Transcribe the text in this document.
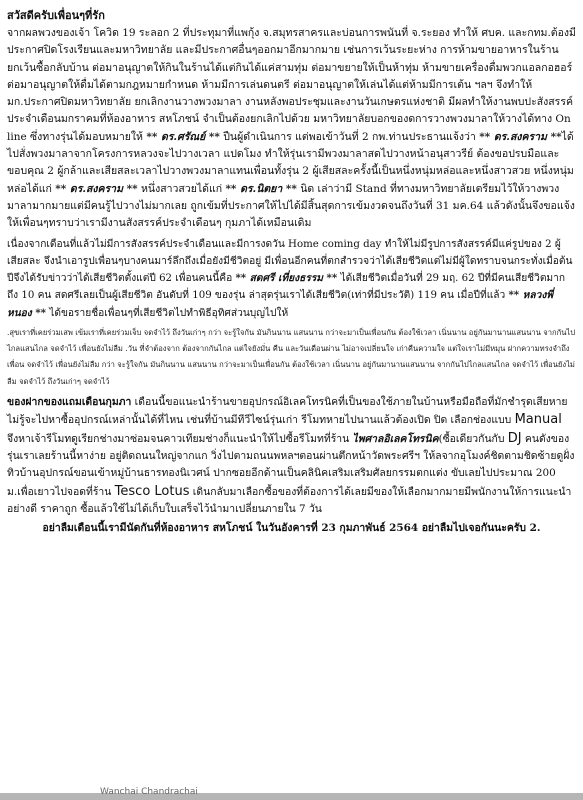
สวัสดีครับเพื่อนๆที่รัก

จากผลพวงของเจ้า โควิด 19 ระลอก 2 ที่ประทุมาที่แพกุ้ง จ.สมุทรสาครและบ่อนการพนันที่ จ.ระยอง ทำให้ ศบค. และกทม.ต้องมีประกาศปิดโรงเรียนและมหาวิทยาลัย และมีประกาศอื่นๆออกมาอีกมากมาย เช่นการเว้นระยะห่าง การห้ามขายอาหารในร้านยกเว้นซื้อกลับบ้าน ต่อมาอนุญาตให้กินในร้านได้แต่กินได้แค่สามทุ่ม ต่อมาขยายให้เป็นห้าทุ่ม ห้ามขายเครื่องดื่มพวกแอลกอฮอร์ ต่อมาอนุญาตให้ดื่มได้ตามกฎหมายกำหนด ห้ามมีการเล่นดนตรี ต่อมาอนุญาตให้เล่นได้แต่ห้ามมีการเต้น ฯลฯ จึงทำให้ มก.ประกาศปิดมหาวิทยาลัย ยกเลิกงานวางพวงมาลา งานหลังพอประชุมและงานวันเกษตรแห่งชาติ มีผลทำให้งานพบปะสังสรรค์ประจำเดือนมกราคมที่ห้องอาหาร สหโภชน์ จำเป็นต้องยกเลิกไปด้วย มหาวิทยาลัยบอกของดการวางพวงมาลาให้วางได้ทาง On line ซึ่งทางรุ่นได้มอบหมายให้ ** ดร.ศรัณย์ ** ปืนผู้ดำเนินการ แต่พอเข้าวันที่ 2 กพ.ท่านประธานแจ้งว่า ** ดร.สงคราม **ได้ไปสั่งพวงมาลาจากโครงการหลวงจะไปวางเวลา แปดโมง ทำให้รุ่นเรามีพวงมาลาสดไปวางหน้าอนุสาวรีย์ ต้องขอปรบมือและขอบคุณ 2 ผู้กล้าและเสียสละเวลาไปวางพวงมาลาแทนเพื่อนทั้งรุ่น 2 ผู้เสียสละครั้งนี้เป็นหนึ่งหนุ่มหล่อและหนึ่งสาวสวย หนึ่งหนุ่มหล่อได้แก่ ** ดร.สงคราม ** หนึ่งสาวสวยได้แก่ ** ดร.นิตยา ** นิด เล่าว่ามี Stand ที่ทางมหาวิทยาลัยเตรียมไว้ให้วางพวงมาลามากมายแต่มีคนรู้ไปวางไม่มากเลย ถูกเข้มที่ประกาศให้ไปได้มีสิ้นสุดการเข้มงวดจนถึงวันที่ 31 มค.64 แล้วดังนั้นจึงขอแจ้งให้เพื่อนๆทราบว่าเรามีงานสังสรรค์ประจำเดือนๆ กุมภาได้เหมือนเดิม

เนื่องจากเดือนที่แล้วไม่มีการสังสรรค์ประจำเดือนและมีการงดวัน Home coming day ทำให้ไม่มีรูปการสังสรรค์มีแค่รูปของ 2 ผู้เสียสละ จึงนำเอารูปเพื่อนๆบางคนมาร์ลึกถึงเมื่อยังมีชีวิตอยู่ มีเพื่อนอีกคนที่ตกสำรวจว่าได้เสียชีวิตแต่ไม่มีผู้ใดทราบจนกระทั่งเมื่อต้นปีจึงได้รับข่าวว่าได้เสียชีวิตตั้งแต่ปี 62 เพื่อนคนนี้คือ ** สดศรี เที่ยงธรรม ** ได้เสียชีวิตเมื่อวันที่ 29 มฤ. 62 ปีที่มีคนเสียชีวิตมากถึง 10 คน สดศรีเลยเป็นผู้เสียชีวิต อันดับที่ 109 ของรุ่น ล่าสุดรุ่นเราได้เสียชีวิต(เท่าที่มีประวัติ) 119 คน เมื่อปีที่แล้ว ** หลวงพี่หนอง ** ได้ขอรายชื่อเพื่อนๆที่เสียชีวิตไปทำพิธีอุทิศส่วนบุญไปให้

.สุขเราที่เคยร่วมเสพ เข้มเราที่เคยร่วมเจ็บ จดจำไว้ ถึงวันเก่าๆ กว่า จะรู้ใจกัน มันกินนาน แสนนาน กว่าจะมาเป็นเพื่อนกัน ต้องใช้เวลา เนิ่นนาน อยู่กันมานานแสนนาน จากกันไปไกลแสนไกล จดจำไว้ เพื่อนยังไม่ลืม .วัน ที่จำต้องจาก ต้องจากกันไกล แต่ใจยังมั่น คืน และวันเดือนผ่าน ไม่อาจเปลี่ยนใจ เก่าคืนความใจ แต่ใจเราไม่มีหมุน ฝากความทรงจำถึงเพื่อน จดจำไว้ เพื่อนยังไม่ลืม กว่า จะรู้ใจกัน มันกินนาน แสนนาน กว่าจะมาเป็นเพื่อนกัน ต้องใช้เวลา เนิ่นนาน อยู่กันมานานแสนนาน จากกันไปไกลแสนไกล จดจำไว้ เพื่อนยังไม่ลืม จดจำไว้ ถึงวันเก่าๆ จดจำไว้

ของฝากของแถมเดือนกุมภา เดือนนี้ขอแนะนำร้านขายอุปกรณ์อิเลคโทรนิคที่เป็นของใช้ภายในบ้านหรือมือถือที่มักชำรุดเสียหายไม่รู้จะไปหาซื้ออุปกรณ์เหล่านั้นได้ที่ไหน เช่นที่บ้านมีทีวีไซน์รุ่นเก่า รีโมทหายไปนานแล้วต้องเปิด ปิด เลือกช่องแบบ Manual จึงหาเจ้ารีโมทดูเรียกช่างมาซ่อมจนคาวเทียมช่างก็แนะนำให้ไปซื้อรีโมทที่ร้าน ไพศาลอิเลคโทรนิค(ซื้อเดียวกันกับ DJ คนดังของรุ่นเราเลยร้านนี้หาง่าย อยู่ติดถนนใหญ่จากแก วิ่งไปตามถนนพหลฯตอนผ่านตึกหน้าวัดพระศรีฯ ให้ลจากอุโมงค์ชิดตามชิดซ้ายดูฝั่งทิวบ้านอุปกรณ์ขอนเข้าหมู่บ้านธารทองนิเวศน์ ปากซอยอีกด้านเป็นคลินิคเสริมเสริมศัลยกรรมตกแต่ง ขับเลยไปประมาณ 200 ม.เพื่อเยาวไปจอดที่ร้าน Tesco Lotus เดินกลับมาเลือกซื้อของที่ต้องการได้เลยมีของให้เลือกมากมายมีพนักงานให้การแนะนำอย่างดี ราคาถูก ซื้อแล้วใช้ไม่ได้เก็บใบเสร็จไว้นำมาเปลี่ยนภายใน 7 วัน

อย่าลืมเดือนนี้เรามีนัดกันที่ห้องอาหาร สหโภชน์ ในวันอังคารที่ 23 กุมภาพันธ์ 2564 อย่าลืมไปเจอกันนะครับ 2.

Wanchai Chandrachai
